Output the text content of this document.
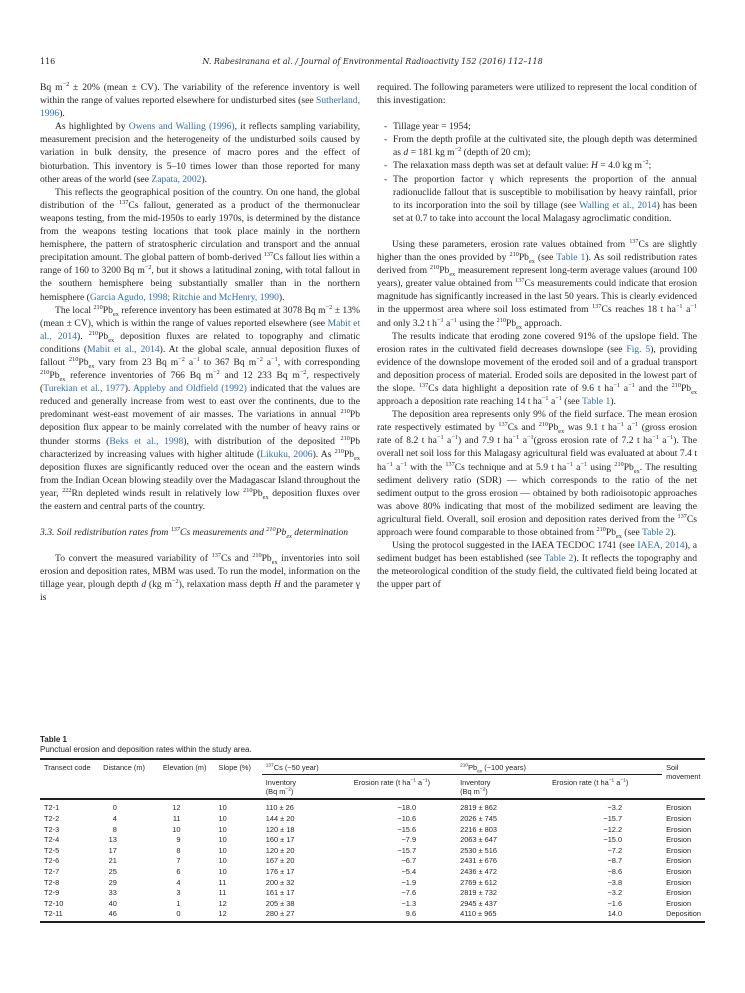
116	N. Rabesiranana et al. / Journal of Environmental Radioactivity 152 (2016) 112–118

Bq $m^{-2} \pm 20\%$ (mean ± CV). The variability of the reference inventory is well within the range of values reported elsewhere for undisturbed sites (see Sutherland, 1996).

As highlighted by Owens and Walling (1996), it reflects sampling variability, measurement precision and the heterogeneity of the undisturbed soils caused by variation in bulk density, the presence of macro pores and the effect of bioturbation. This inventory is 5–10 times lower than those reported for many other areas of the world (see Zapata, 2002).

This reflects the geographical position of the country. On one hand, the global distribution of the $^{137}$Cs fallout, generated as a product of the thermonuclear weapons testing, from the mid-1950s to early 1970s, is determined by the distance from the weapons testing locations that took place mainly in the northern hemisphere, the pattern of stratospheric circulation and transport and the annual precipitation amount. The global pattern of bomb-derived $^{137}$Cs fallout lies within a range of 160 to 3200 Bq $m^{-2}$, but it shows a latitudinal zoning, with total fallout in the southern hemisphere being substantially smaller than in the northern hemisphere (Garcia Agudo, 1998; Ritchie and McHenry, 1990).

The local $^{210}Pb_{ex}$ reference inventory has been estimated at 3078 Bq $m^{-2} \pm 13\%$ (mean ± CV), which is within the range of values reported elsewhere (see Mabit et al., 2014). $^{210}Pb_{ex}$ deposition fluxes are related to topography and climatic conditions (Mabit et al., 2014). At the global scale, annual deposition fluxes of fallout $^{210}Pb_{ex}$ vary from 23 Bq $m^{-2}$ $a^{-1}$ to 367 Bq $m^{-2}$ $a^{-1}$, with corresponding $^{210}Pb_{ex}$ reference inventories of 766 Bq $m^{-2}$ and 12 233 Bq $m^{-2}$, respectively (Turekian et al., 1977). Appleby and Oldfield (1992) indicated that the values are reduced and generally increase from west to east over the continents, due to the predominant west-east movement of air masses. The variations in annual $^{210}$Pb deposition flux appear to be mainly correlated with the number of heavy rains or thunder storms (Beks et al., 1998), with distribution of the deposited $^{210}$Pb characterized by increasing values with higher altitude (Likuku, 2006). As $^{210}Pb_{ex}$ deposition fluxes are significantly reduced over the ocean and the eastern winds from the Indian Ocean blowing steadily over the Madagascar Island throughout the year, $^{222}$Rn depleted winds result in relatively low $^{210}Pb_{ex}$ deposition fluxes over the eastern and central parts of the country.

3.3. Soil redistribution rates from $^{137}$Cs measurements and $^{210}Pb_{ex}$ determination

To convert the measured variability of $^{137}$Cs and $^{210}Pb_{ex}$ inventories into soil erosion and deposition rates, MBM was used. To run the model, information on the tillage year, plough depth d (kg $m^{-2}$), relaxation mass depth H and the parameter γ is

required. The following parameters were utilized to represent the local condition of this investigation:

- Tillage year = 1954;
- From the depth profile at the cultivated site, the plough depth was determined as d = 181 kg $m^{-2}$ (depth of 20 cm);
- The relaxation mass depth was set at default value: H = 4.0 kg $m^{-2}$;
- The proportion factor γ which represents the proportion of the annual radionuclide fallout that is susceptible to mobilisation by heavy rainfall, prior to its incorporation into the soil by tillage (see Walling et al., 2014) has been set at 0.7 to take into account the local Malagasy agroclimatic condition.

Using these parameters, erosion rate values obtained from $^{137}$Cs are slightly higher than the ones provided by $^{210}Pb_{ex}$ (see Table 1). As soil redistribution rates derived from $^{210}Pb_{ex}$ measurement represent long-term average values (around 100 years), greater value obtained from $^{137}$Cs measurements could indicate that erosion magnitude has significantly increased in the last 50 years. This is clearly evidenced in the uppermost area where soil loss estimated from $^{137}$Cs reaches 18 t $ha^{-1}$ $a^{-1}$ and only 3.2 t $h^{-1}$ $a^{-1}$ using the $^{210}Pb_{ex}$ approach.

The results indicate that eroding zone covered 91% of the upslope field. The erosion rates in the cultivated field decreases downslope (see Fig. 5), providing evidence of the downslope movement of the eroded soil and of a gradual transport and deposition process of material. Eroded soils are deposited in the lowest part of the slope. $^{137}$Cs data highlight a deposition rate of 9.6 t $ha^{-1}$ $a^{-1}$ and the $^{210}Pb_{ex}$ approach a deposition rate reaching 14 t $ha^{-1}$ $a^{-1}$ (see Table 1).

The deposition area represents only 9% of the field surface. The mean erosion rate respectively estimated by $^{137}$Cs and $^{210}Pb_{ex}$ was 9.1 t $ha^{-1}$ $a^{-1}$ (gross erosion rate of 8.2 t $ha^{-1}$ $a^{-1}$) and 7.9 t $ha^{-1}$ $a^{-1}(gross$ erosion rate of 7.2 t $ha^{-1}$ $a^{-1}$). The overall net soil loss for this Malagasy agricultural field was evaluated at about 7.4 t $ha^{-1}$ $a^{-1}$ with the $^{137}$Cs technique and at 5.9 t $ha^{-1}$ $a^{-1}$ using $^{210}Pb_{ex}$. The resulting sediment delivery ratio (SDR) — which corresponds to the ratio of the net sediment output to the gross erosion — obtained by both radioisotopic approaches was above 80% indicating that most of the mobilized sediment are leaving the agricultural field. Overall, soil erosion and deposition rates derived from the $^{137}$Cs approach were found comparable to those obtained from $^{210}Pb_{ex}$ (see Table 2).

Using the protocol suggested in the IAEA TECDOC 1741 (see IAEA, 2014), a sediment budget has been established (see Table 2). It reflects the topography and the meteorological condition of the study field, the cultivated field being located at the upper part of

Table 1

Punctual erosion and deposition rates within the study area.

Transect code	Distance (m)	Elevation (m)	Slope (%)	$^{137}$Cs (~50 year)		$^{210}Pb_{ex}$ (~100 years)		Soil movement
				Inventory
(Bq $m^{-2}$)	Erosion rate (t $ha^{-1}$ $a^{-1}$)	Inventory
(Bq $m^{-2}$)	Erosion rate (t $ha^{-1}$ $a^{-1}$)	
T2-1	0	12	10	110 ± 26	−18.0	2819 ± 862	−3.2	Erosion
T2-2	4	11	10	144 ± 20	−10.6	2026 ± 745	−15.7	Erosion
T2-3	8	10	10	120 ± 18	−15.6	2216 ± 803	−12.2	Erosion
T2-4	13	9	10	160 ± 17	−7.9	2063 ± 647	−15.0	Erosion
T2-5	17	8	10	120 ± 20	−15.7	2530 ± 516	−7.2	Erosion
T2-6	21	7	10	167 ± 20	−6.7	2431 ± 676	−8.7	Erosion
T2-7	25	6	10	176 ± 17	−5.4	2436 ± 472	−8.6	Erosion
T2-8	29	4	11	200 ± 32	−1.9	2769 ± 612	−3.8	Erosion
T2-9	33	3	11	161 ± 17	−7.6	2819 ± 732	−3.2	Erosion
T2-10	40	1	12	205 ± 38	−1.3	2945 ± 437	−1.6	Erosion
T2-11	46	0	12	280 ± 27	9.6	4110 ± 965	14.0	Deposition
